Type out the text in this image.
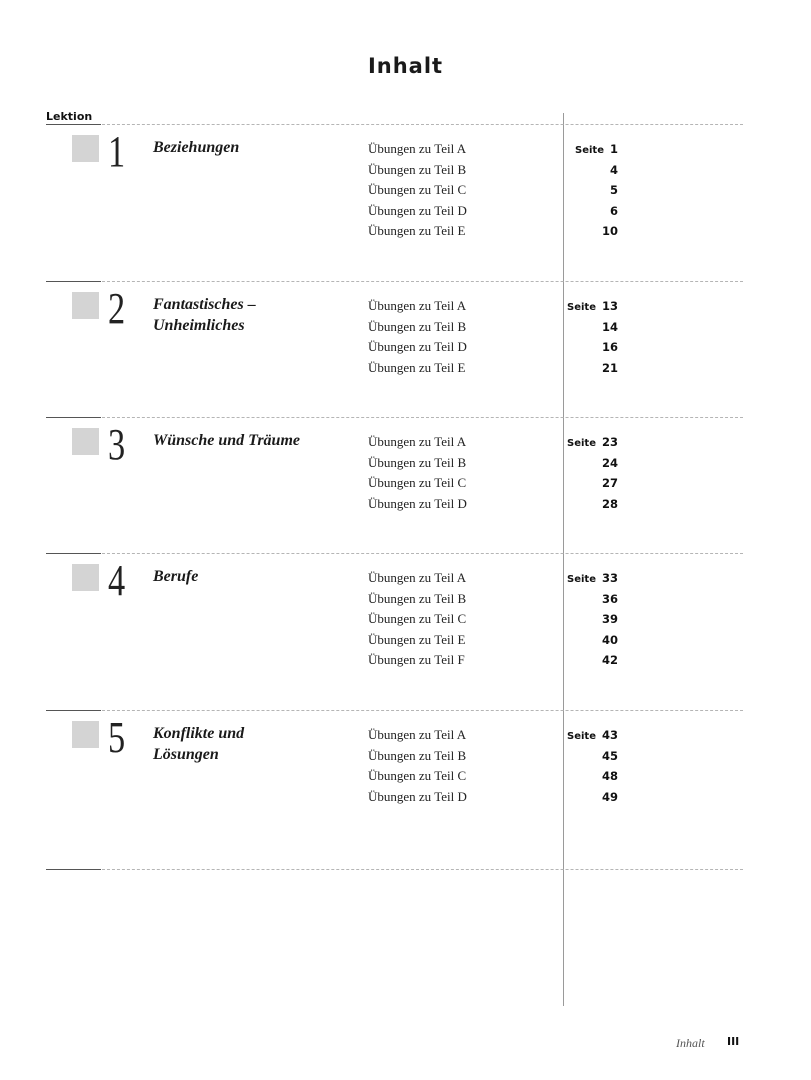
Inhalt
Lektion
1 Beziehungen	Übungen zu Teil A	Seite 1
Übungen zu Teil B	4
Übungen zu Teil C	5
Übungen zu Teil D	6
Übungen zu Teil E	10
2 Fantastisches –
Unheimliches
Übungen zu Teil A	Seite 13
Übungen zu Teil B	14
Übungen zu Teil D	16
Übungen zu Teil E	21
3 Wünsche und Träume	Übungen zu Teil A	Seite 23
Übungen zu Teil B	24
Übungen zu Teil C	27
Übungen zu Teil D	28
4 Berufe	Übungen zu Teil A	Seite 33
Übungen zu Teil B	36
Übungen zu Teil C	39
Übungen zu Teil E	40
Übungen zu Teil F	42
5 Konflikte und
Lösungen
Übungen zu Teil A	Seite 43
Übungen zu Teil B	45
Übungen zu Teil C	48
Übungen zu Teil D	49
Inhalt III
